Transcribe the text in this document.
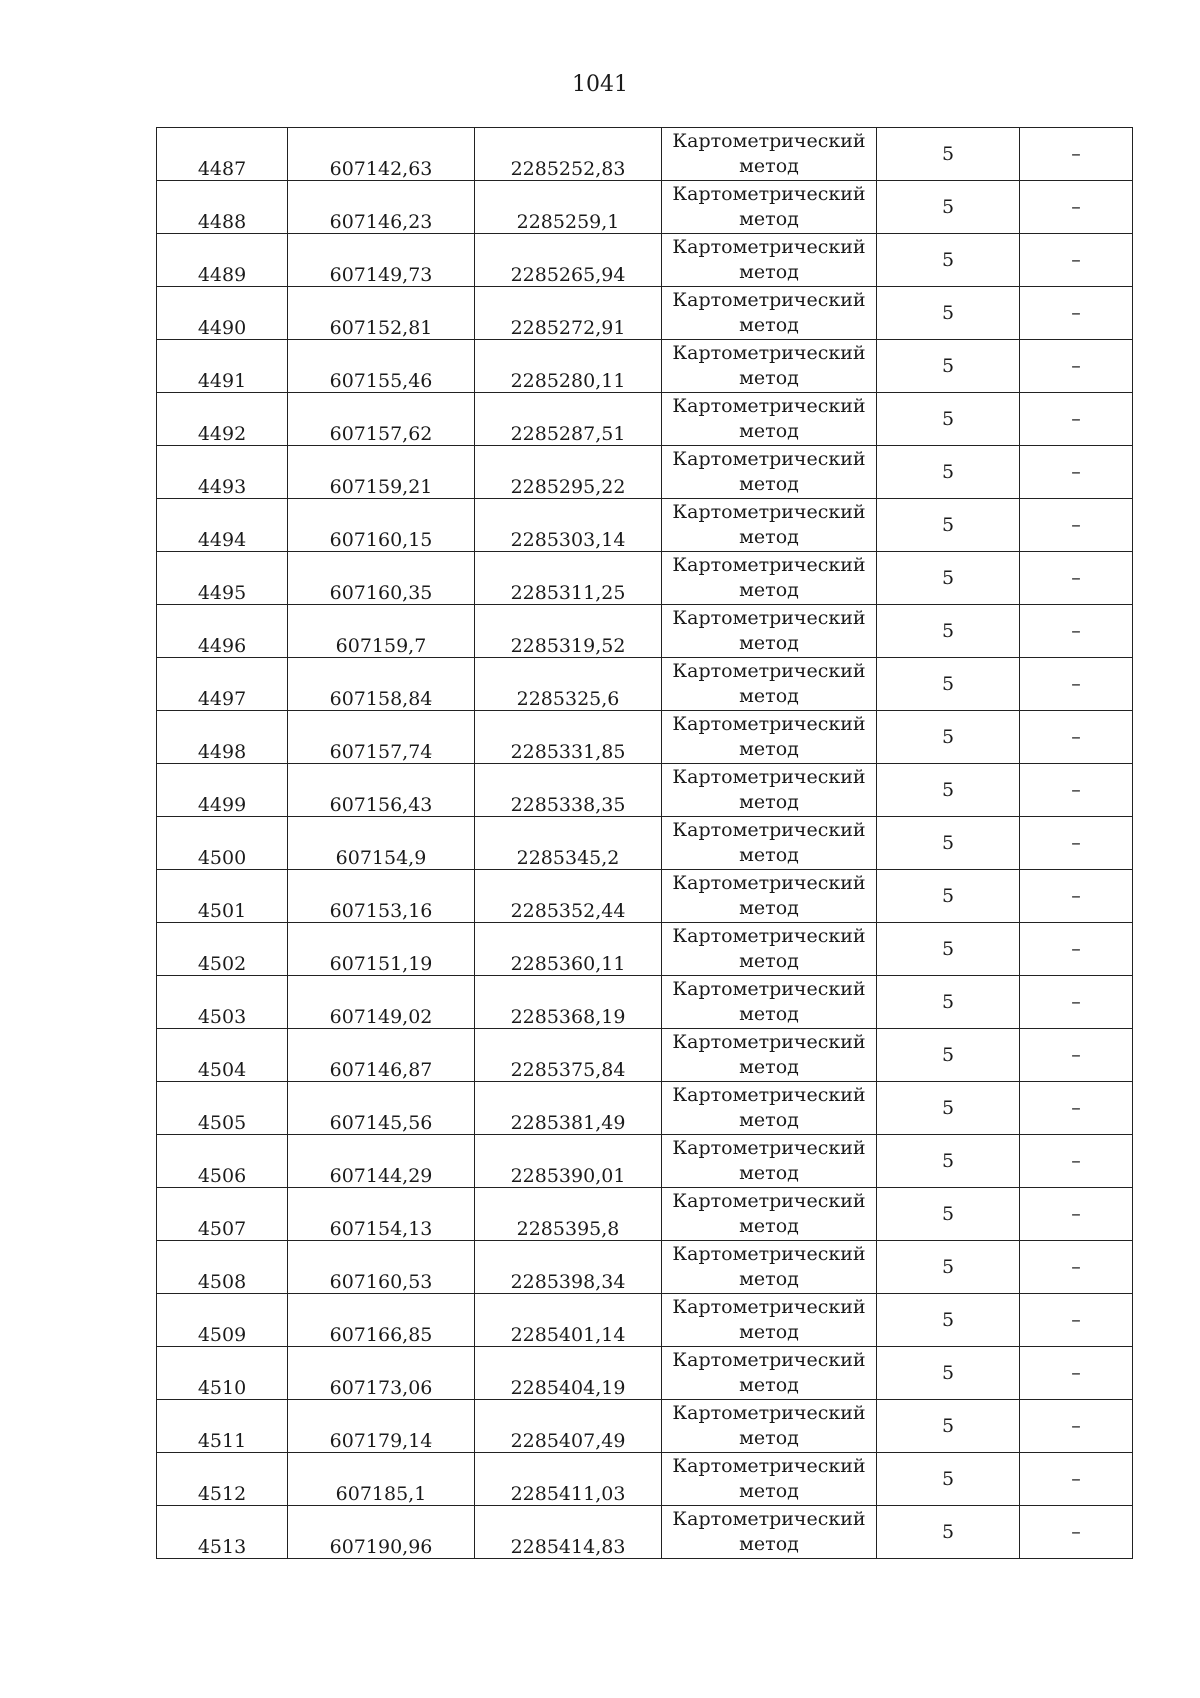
1041
4487	607142,63	2285252,83	Картометрический
метод	5	–
4488	607146,23	2285259,1	Картометрический
метод	5	–
4489	607149,73	2285265,94	Картометрический
метод	5	–
4490	607152,81	2285272,91	Картометрический
метод	5	–
4491	607155,46	2285280,11	Картометрический
метод	5	–
4492	607157,62	2285287,51	Картометрический
метод	5	–
4493	607159,21	2285295,22	Картометрический
метод	5	–
4494	607160,15	2285303,14	Картометрический
метод	5	–
4495	607160,35	2285311,25	Картометрический
метод	5	–
4496	607159,7	2285319,52	Картометрический
метод	5	–
4497	607158,84	2285325,6	Картометрический
метод	5	–
4498	607157,74	2285331,85	Картометрический
метод	5	–
4499	607156,43	2285338,35	Картометрический
метод	5	–
4500	607154,9	2285345,2	Картометрический
метод	5	–
4501	607153,16	2285352,44	Картометрический
метод	5	–
4502	607151,19	2285360,11	Картометрический
метод	5	–
4503	607149,02	2285368,19	Картометрический
метод	5	–
4504	607146,87	2285375,84	Картометрический
метод	5	–
4505	607145,56	2285381,49	Картометрический
метод	5	–
4506	607144,29	2285390,01	Картометрический
метод	5	–
4507	607154,13	2285395,8	Картометрический
метод	5	–
4508	607160,53	2285398,34	Картометрический
метод	5	–
4509	607166,85	2285401,14	Картометрический
метод	5	–
4510	607173,06	2285404,19	Картометрический
метод	5	–
4511	607179,14	2285407,49	Картометрический
метод	5	–
4512	607185,1	2285411,03	Картометрический
метод	5	–
4513	607190,96	2285414,83	Картометрический
метод	5	–
